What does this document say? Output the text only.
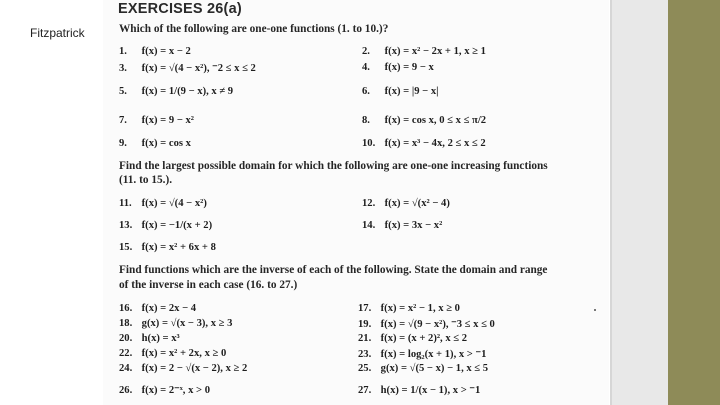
Fitzpatrick
EXERCISES 26(a)
Which of the following are one-one functions (1. to 10.)?
Find the largest possible domain for which the following are one-one increasing functions
(11. to 15.).
Find functions which are the inverse of each of the following. State the domain and range
of the inverse in each case (16. to 27.)
1. f(x) = x − 2	2. f(x) = x² − 2x + 1, x ≥ 1
3. f(x) = √(4 − x²), ⁻2 ≤ x ≤ 2	4. f(x) = 9 − x
5. f(x) = 1/(9 − x), x ≠ 9	6. f(x) = |9 − x|
7. f(x) = 9 − x²	8. f(x) = cos x, 0 ≤ x ≤ π/2
9. f(x) = cos x	10. f(x) = x³ − 4x, 2 ≤ x ≤ 2
11. f(x) = √(4 − x²)	12. f(x) = √(x² − 4)
13. f(x) = −1/(x + 2)	14. f(x) = 3x − x²
15. f(x) = x² + 6x + 8
16. f(x) = 2x − 4	17. f(x) = x² − 1, x ≥ 0
18. g(x) = √(x − 3), x ≥ 3	19. f(x) = √(9 − x²), ⁻3 ≤ x ≤ 0
20. h(x) = x³	21. f(x) = (x + 2)², x ≤ 2
22. f(x) = x² + 2x, x ≥ 0	23. f(x) = log₂(x + 1), x > ⁻1
24. f(x) = 2 − √(x − 2), x ≥ 2	25. g(x) = √(5 − x) − 1, x ≤ 5
26. f(x) = 2⁻ˣ, x > 0	27. h(x) = 1/(x − 1), x > ⁻1
